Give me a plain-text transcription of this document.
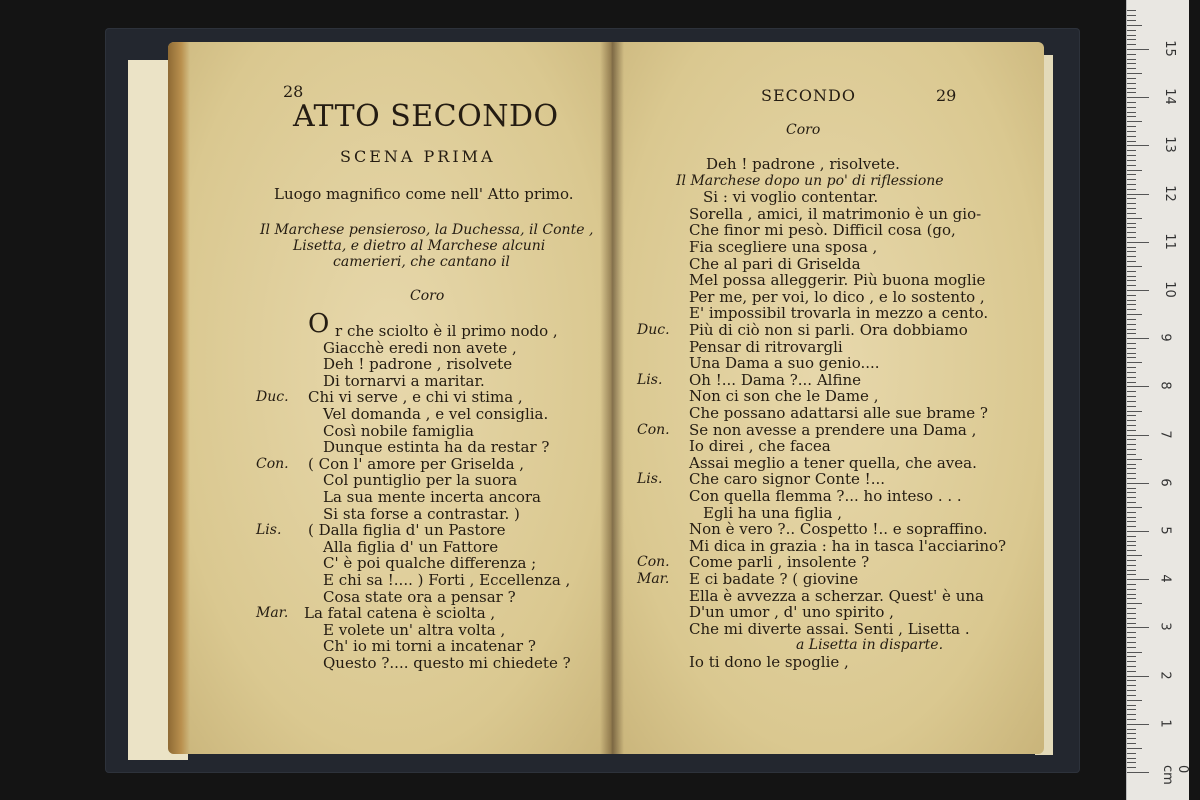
28
ATTO SECONDO
SCENA PRIMA
Luogo magnifico come nell' Atto primo.
Il Marchese pensieroso, la Duchessa, il Conte ,
Lisetta, e dietro al Marchese alcuni
camerieri, che cantano il
Coro
O r che sciolto è il primo nodo ,
Giacchè eredi non avete ,
Deh ! padrone , risolvete
Di tornarvi a maritar.
Duc. Chi vi serve , e chi vi stima ,
Vel domanda , e vel consiglia.
Così nobile famiglia
Dunque estinta ha da restar ?
Con. ( Con l' amore per Griselda ,
Col puntiglio per la suora
La sua mente incerta ancora
Si sta forse a contrastar. )
Lis. ( Dalla figlia d' un Pastore
Alla figlia d' un Fattore
C' è poi qualche differenza ;
E chi sa !.... ) Forti , Eccellenza ,
Cosa state ora a pensar ?
Mar. La fatal catena è sciolta ,
E volete un' altra volta ,
Ch' io mi torni a incatenar ?
Questo ?.... questo mi chiedete ?
SECONDO	29
Coro
Deh ! padrone , risolvete.
Il Marchese dopo un po' di riflessione
Si : vi voglio contentar.
Sorella , amici, il matrimonio è un gio-
Che finor mi pesò. Difficil cosa (go,
Fia scegliere una sposa ,
Che al pari di Griselda
Mel possa alleggerir. Più buona moglie
Per me, per voi, lo dico , e lo sostento ,
E' impossibil trovarla in mezzo a cento.
Duc. Più di ciò non si parli. Ora dobbiamo
Pensar di ritrovargli
Una Dama a suo genio....
Lis. Oh !... Dama ?... Alfine
Non ci son che le Dame ,
Che possano adattarsi alle sue brame ?
Con. Se non avesse a prendere una Dama ,
Io direi , che facea
Assai meglio a tener quella, che avea.
Lis. Che caro signor Conte !...
Con quella flemma ?... ho inteso . . .
Egli ha una figlia ,
Non è vero ?.. Cospetto !.. e sopraffino.
Mi dica in grazia : ha in tasca l'acciarino?
Con. Come parli , insolente ?
Mar. E ci badate ? ( giovine
Ella è avvezza a scherzar. Quest' è una
D'un umor , d' uno spirito ,
Che mi diverte assai. Senti , Lisetta .
a Lisetta in disparte.
Io ti dono le spoglie ,
0 cm
1
2
3
4
5
6
7
8
9
10
11
12
13
14
15
